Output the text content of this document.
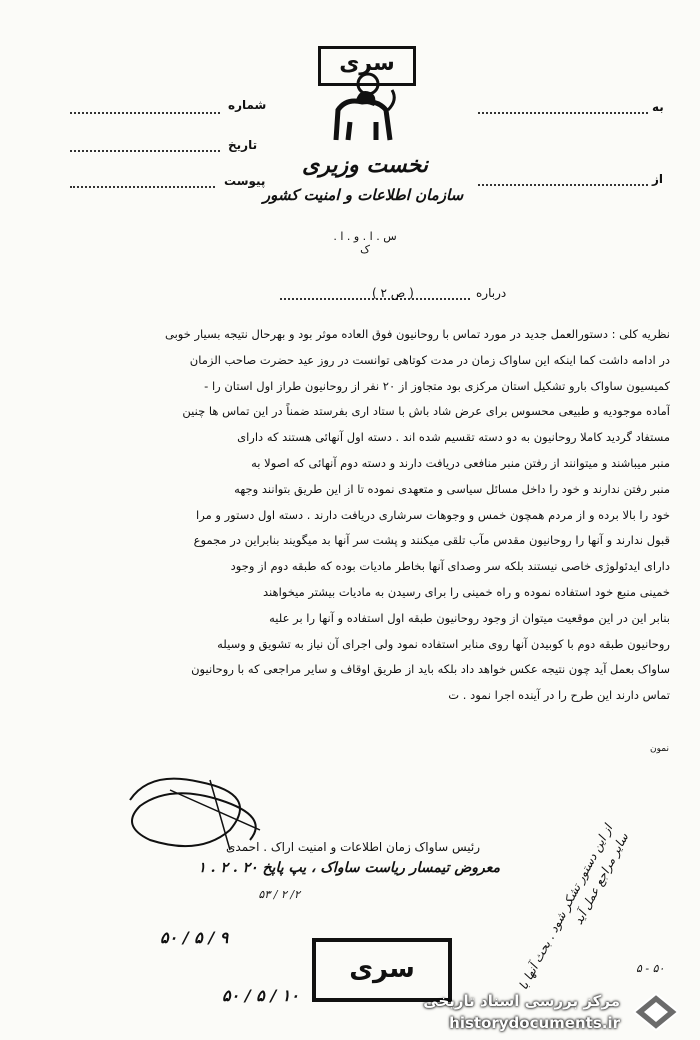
سری
نخست وزیری
سازمان اطلاعات و امنیت کشور
س . ا . و . ا . ک
شماره
تاریخ
پیوست
به
از
درباره
( ص ۲ )

نظریه کلی : دستورالعمل جدید در مورد تماس با روحانیون فوق العاده موثر بود و بهرحال نتیجه بسیار خوبی

در ادامه داشت کما اینکه این ساواک زمان در مدت کوتاهی توانست در روز عید حضرت صاحب الزمان

کمیسیون ساواک بارو تشکیل استان مرکزی بود متجاوز از ۲۰ نفر از روحانیون طراز اول استان را -

آماده موجودیه و طبیعی محسوس برای عرض شاد باش با ستاد اری بفرستد ضمناً در این تماس ها چنین

مستفاد گردید کاملا روحانیون به دو دسته تقسیم شده اند . دسته اول آنهائی هستند که دارای

منبر میباشند و میتوانند از رفتن منبر منافعی دریافت دارند و دسته دوم آنهائی که اصولا به

منبر رفتن ندارند و خود را داخل مسائل سیاسی و متعهدی نموده تا از این طریق بتوانند وجهه

خود را بالا برده و از مردم همچون خمس و وجوهات سرشاری دریافت دارند . دسته اول دستور و مرا

قبول ندارند و آنها را روحانیون مقدس مآب تلقی میکنند و پشت سر آنها بد میگویند بنابراین در مجموع

دارای ایدئولوژی خاصی نیستند بلکه سر وصدای آنها بخاطر مادیات بوده که طبقه دوم از وجود

خمینی منبع خود استفاده نموده و راه خمینی را برای رسیدن به مادیات بیشتر میخواهند

بنابر این در این موقعیت میتوان از وجود روحانیون طبقه اول استفاده و آنها را بر علیه

روحانیون طبقه دوم با کوبیدن آنها روی منابر استفاده نمود ولی اجرای آن نیاز به تشویق و وسیله

ساواک بعمل آید چون نتیجه عکس خواهد داد بلکه باید از طریق اوقاف و سایر مراجعی که با روحانیون

تماس دارند این طرح را در آینده اجرا نمود . ت

نمون
رئیس ساواک زمان اطلاعات و امنیت اراک . احمدی
معروض تیمسار ریاست ساواک ، یپ پاپخ ۲۰ . ۲ . ۱
۲/ ۲ / ۵۳	از این دستور تشکر شود . بحث آنها با سایر مراجع عمل آید
۹ / ۵ / ۵۰
۱۰ / ۵ / ۵۰
۵۰ - ۵
سری
مرکز بررسی اسناد تاریخی
historydocuments.ir
